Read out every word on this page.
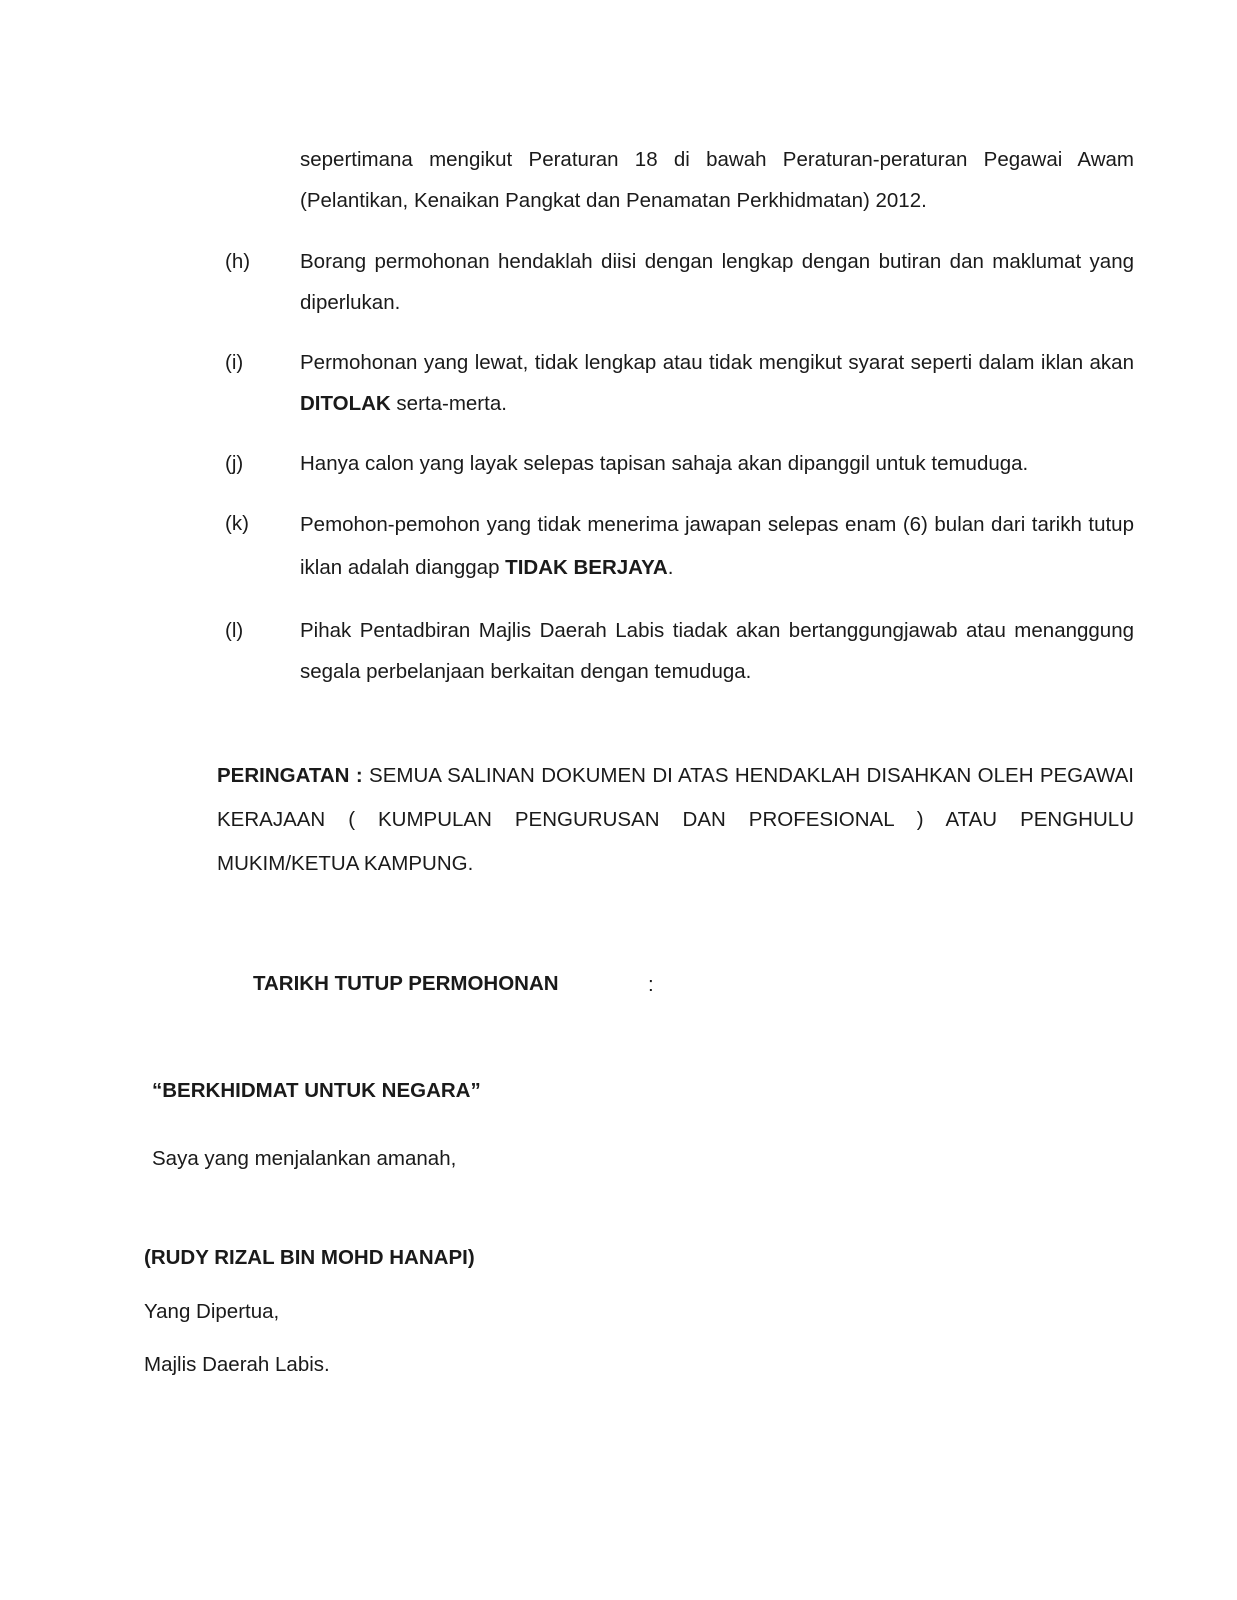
sepertimana mengikut Peraturan 18 di bawah Peraturan-peraturan Pegawai Awam (Pelantikan, Kenaikan Pangkat dan Penamatan Perkhidmatan) 2012.
(h)	Borang permohonan hendaklah diisi dengan lengkap dengan butiran dan maklumat yang diperlukan.
(i)	Permohonan yang lewat, tidak lengkap atau tidak mengikut syarat seperti dalam iklan akan DITOLAK serta-merta.
(j)	Hanya calon yang layak selepas tapisan sahaja akan dipanggil untuk temuduga.
(k)	Pemohon-pemohon yang tidak menerima jawapan selepas enam (6) bulan dari tarikh tutup iklan adalah dianggap TIDAK BERJAYA.
(l)	Pihak Pentadbiran Majlis Daerah Labis tiadak akan bertanggungjawab atau menanggung segala perbelanjaan berkaitan dengan temuduga.
PERINGATAN : SEMUA SALINAN DOKUMEN DI ATAS HENDAKLAH DISAHKAN OLEH PEGAWAI KERAJAAN ( KUMPULAN PENGURUSAN DAN PROFESIONAL ) ATAU PENGHULU MUKIM/KETUA KAMPUNG.
TARIKH TUTUP PERMOHONAN	:
“BERKHIDMAT UNTUK NEGARA”
Saya yang menjalankan amanah,
(RUDY RIZAL BIN MOHD HANAPI)
Yang Dipertua,
Majlis Daerah Labis.
